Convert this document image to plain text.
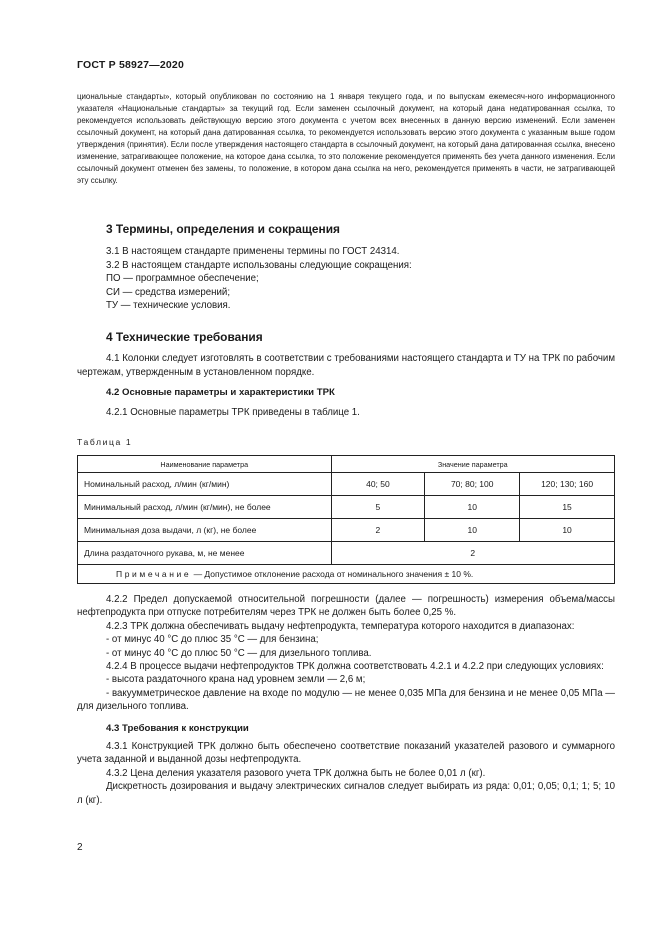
ГОСТ Р 58927—2020

циональные стандарты», который опубликован по состоянию на 1 января текущего года, и по выпускам ежемесяч-ного информационного указателя «Национальные стандарты» за текущий год. Если заменен ссылочный документ, на который дана недатированная ссылка, то рекомендуется использовать действующую версию этого документа с учетом всех внесенных в данную версию изменений. Если заменен ссылочный документ, на который дана датированная ссылка, то рекомендуется использовать версию этого документа с указанным выше годом утверждения (принятия). Если после утверждения настоящего стандарта в ссылочный документ, на который дана датированная ссылка, внесено изменение, затрагивающее положение, на которое дана ссылка, то это положение рекомендуется применять без учета данного изменения. Если ссылочный документ отменен без замены, то положение, в котором дана ссылка на него, рекомендуется применять в части, не затрагивающей эту ссылку.

3 Термины, определения и сокращения

3.1 В настоящем стандарте применены термины по ГОСТ 24314.

3.2 В настоящем стандарте использованы следующие сокращения:

ПО — программное обеспечение;

СИ — средства измерений;

ТУ — технические условия.

4 Технические требования

4.1 Колонки следует изготовлять в соответствии с требованиями настоящего стандарта и ТУ на ТРК по рабочим чертежам, утвержденным в установленном порядке.

4.2 Основные параметры и характеристики ТРК

4.2.1 Основные параметры ТРК приведены в таблице 1.

Таблица 1
Наименование параметра	Значение параметра		
Номинальный расход, л/мин (кг/мин)	40; 50	70; 80; 100	120; 130; 160
Минимальный расход, л/мин (кг/мин), не более	5	10	15
Минимальная доза выдачи, л (кг), не более	2	10	10
Длина раздаточного рукава, м, не менее	2		
Примечание — Допустимое отклонение расхода от номинального значения ± 10 %.			

4.2.2 Предел допускаемой относительной погрешности (далее — погрешность) измерения объема/массы нефтепродукта при отпуске потребителям через ТРК не должен быть более 0,25 %.

4.2.3 ТРК должна обеспечивать выдачу нефтепродукта, температура которого находится в диапазонах:

- от минус 40 °С до плюс 35 °С — для бензина;

- от минус 40 °С до плюс 50 °С — для дизельного топлива.

4.2.4 В процессе выдачи нефтепродуктов ТРК должна соответствовать 4.2.1 и 4.2.2 при следующих условиях:

- высота раздаточного крана над уровнем земли — 2,6 м;

- вакуумметрическое давление на входе по модулю — не менее 0,035 МПа для бензина и не менее 0,05 МПа — для дизельного топлива.

4.3 Требования к конструкции

4.3.1 Конструкцией ТРК должно быть обеспечено соответствие показаний указателей разового и суммарного учета заданной и выданной дозы нефтепродукта.

4.3.2 Цена деления указателя разового учета ТРК должна быть не более 0,01 л (кг).

Дискретность дозирования и выдачу электрических сигналов следует выбирать из ряда: 0,01; 0,05; 0,1; 1; 5; 10 л (кг).

2
